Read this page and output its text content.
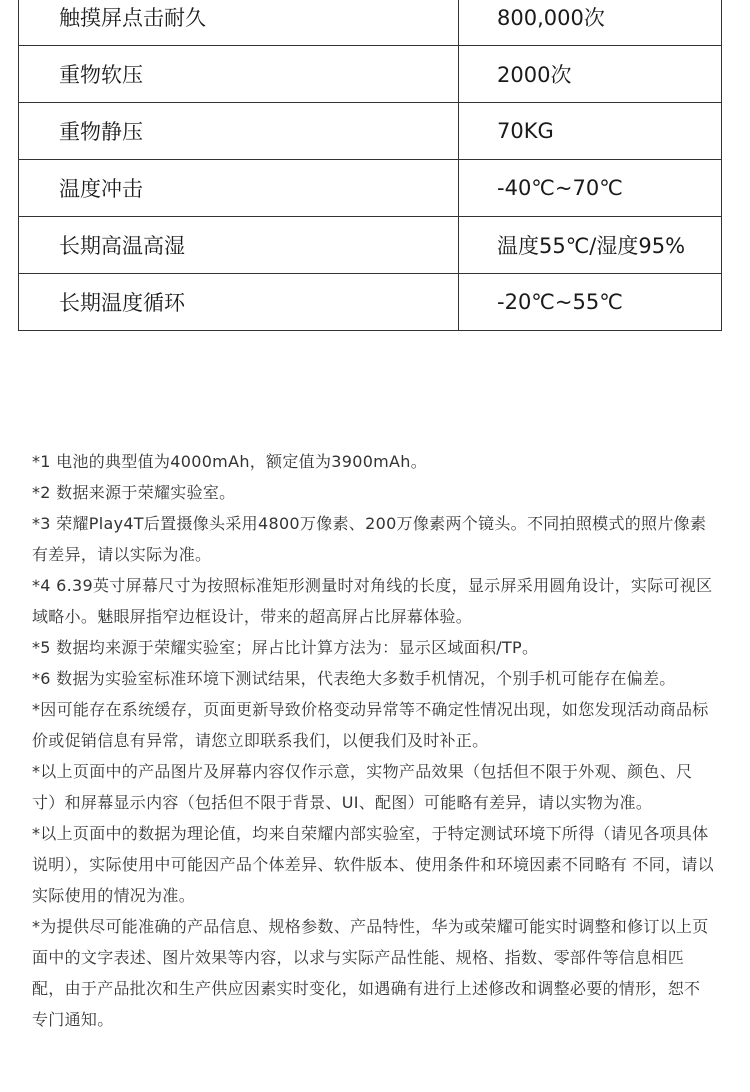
触摸屏点击耐久	800,000次
重物软压	2000次
重物静压	70KG
温度冲击	-40℃~70℃
长期高温高湿	温度55℃/湿度95%
长期温度循环	-20℃~55℃

*1 电池的典型值为4000mAh，额定值为3900mAh。

*2 数据来源于荣耀实验室。

*3 荣耀Play4T后置摄像头采用4800万像素、200万像素两个镜头。不同拍照模式的照片像素有差异，请以实际为准。

*4 6.39英寸屏幕尺寸为按照标准矩形测量时对角线的长度，显示屏采用圆角设计，实际可视区域略小。魅眼屏指窄边框设计，带来的超高屏占比屏幕体验。

*5 数据均来源于荣耀实验室；屏占比计算方法为：显示区域面积/TP。

*6 数据为实验室标准环境下测试结果，代表绝大多数手机情况，个别手机可能存在偏差。

*因可能存在系统缓存，页面更新导致价格变动异常等不确定性情况出现，如您发现活动商品标价或促销信息有异常，请您立即联系我们，以便我们及时补正。

*以上页面中的产品图片及屏幕内容仅作示意，实物产品效果（包括但不限于外观、颜色、尺寸）和屏幕显示内容（包括但不限于背景、UI、配图）可能略有差异，请以实物为准。

*以上页面中的数据为理论值，均来自荣耀内部实验室，于特定测试环境下所得（请见各项具体说明），实际使用中可能因产品个体差异、软件版本、使用条件和环境因素不同略有 不同，请以实际使用的情况为准。

*为提供尽可能准确的产品信息、规格参数、产品特性，华为或荣耀可能实时调整和修订以上页面中的文字表述、图片效果等内容，以求与实际产品性能、规格、指数、零部件等信息相匹配，由于产品批次和生产供应因素实时变化，如遇确有进行上述修改和调整必要的情形，恕不专门通知。
